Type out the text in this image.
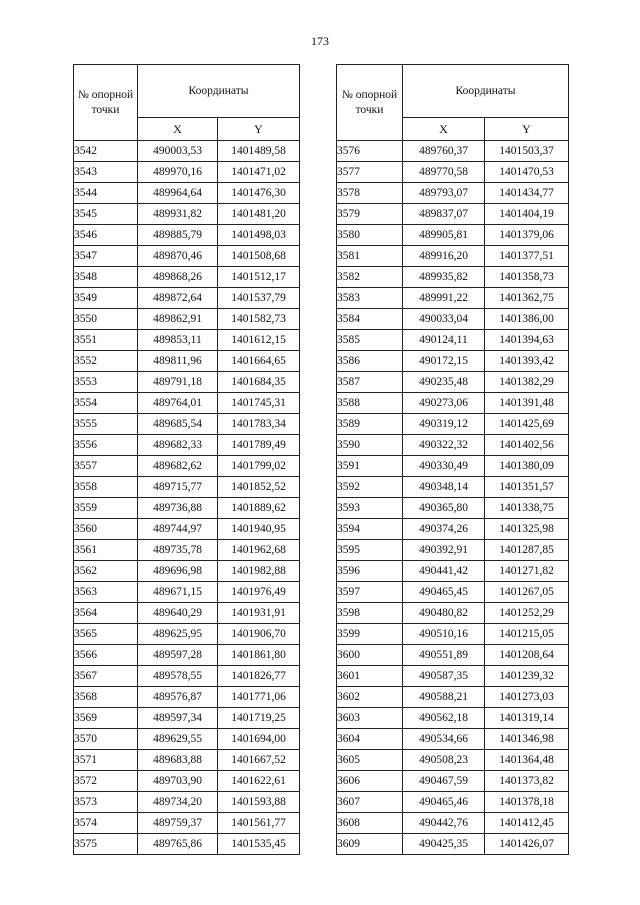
173
№ опорной точки	Координаты	
	X	Y
3542	490003,53	1401489,58
3543	489970,16	1401471,02
3544	489964,64	1401476,30
3545	489931,82	1401481,20
3546	489885,79	1401498,03
3547	489870,46	1401508,68
3548	489868,26	1401512,17
3549	489872,64	1401537,79
3550	489862,91	1401582,73
3551	489853,11	1401612,15
3552	489811,96	1401664,65
3553	489791,18	1401684,35
3554	489764,01	1401745,31
3555	489685,54	1401783,34
3556	489682,33	1401789,49
3557	489682,62	1401799,02
3558	489715,77	1401852,52
3559	489736,88	1401889,62
3560	489744,97	1401940,95
3561	489735,78	1401962,68
3562	489696,98	1401982,88
3563	489671,15	1401976,49
3564	489640,29	1401931,91
3565	489625,95	1401906,70
3566	489597,28	1401861,80
3567	489578,55	1401826,77
3568	489576,87	1401771,06
3569	489597,34	1401719,25
3570	489629,55	1401694,00
3571	489683,88	1401667,52
3572	489703,90	1401622,61
3573	489734,20	1401593,88
3574	489759,37	1401561,77
3575	489765,86	1401535,45
№ опорной точки	Координаты	
	X	Y
3576	489760,37	1401503,37
3577	489770,58	1401470,53
3578	489793,07	1401434,77
3579	489837,07	1401404,19
3580	489905,81	1401379,06
3581	489916,20	1401377,51
3582	489935,82	1401358,73
3583	489991,22	1401362,75
3584	490033,04	1401386,00
3585	490124,11	1401394,63
3586	490172,15	1401393,42
3587	490235,48	1401382,29
3588	490273,06	1401391,48
3589	490319,12	1401425,69
3590	490322,32	1401402,56
3591	490330,49	1401380,09
3592	490348,14	1401351,57
3593	490365,80	1401338,75
3594	490374,26	1401325,98
3595	490392,91	1401287,85
3596	490441,42	1401271,82
3597	490465,45	1401267,05
3598	490480,82	1401252,29
3599	490510,16	1401215,05
3600	490551,89	1401208,64
3601	490587,35	1401239,32
3602	490588,21	1401273,03
3603	490562,18	1401319,14
3604	490534,66	1401346,98
3605	490508,23	1401364,48
3606	490467,59	1401373,82
3607	490465,46	1401378,18
3608	490442,76	1401412,45
3609	490425,35	1401426,07
